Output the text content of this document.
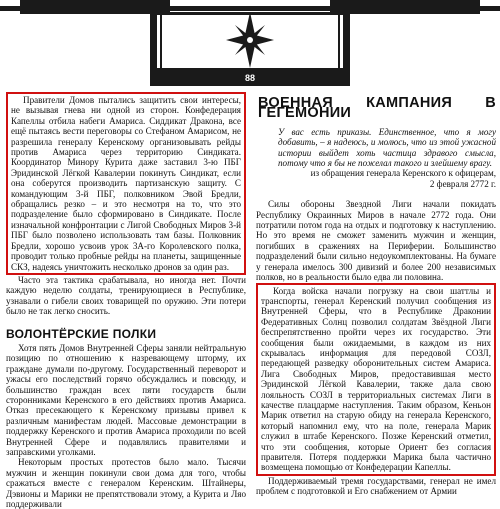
88

Правители Домов пытались защитить свои интересы, не вызывая гнева ни одной из сторон. Конфедерация Капеллы отбила набеги Амариса. Сиддикат Дракона, все ещё пытаясь вести переговоры со Стефаном Амарисом, не разрешила генералу Керенскому организовывать рейды против Амариса через территорию Синдиката. Координатор Минору Курита даже заставил 3-ю ПБГ Эридинской Лёгкой Кавалерии покинуть Синдикат, если она соберутся производить партизанскую защиту. С командующим 3-й ПБГ, полковником Эвой Бредли, обращались резко – и это несмотря на то, что это подразделение было сформировано в Синдикате. После изначальной конфронтации с Лигой Свободных Миров 3-й ПБГ было позволено использовать там базы. Полковник Бредли, хорошо усвоив урок 3А-го Королевского полка, проводит только пробные рейды на планеты, защищенные СКЗ, надеясь уничтожить несколько дронов за один раз.

Часто эта тактика срабатывала, но иногда нет. Почти каждую неделю солдаты, тренирующиеся в Республике, узнавали о гибели своих товарищей по оружию. Эти потери было не так легко сносить.

ВОЛОНТЁРСКИЕ ПОЛКИ

Хотя пять Домов Внутренней Сферы заняли нейтральную позицию по отношению к назревающему шторму, их граждане думали по-другому. Государственный переворот и ужасы его последствий горячо обсуждались и повсюду, и большинство граждан всех пяти государств были сторонниками Керенского в его действиях против Амариса. Отказ пресекающего к Керенскому призывы привел к различным манифестам людей. Массовые демонстрации в поддержку Керенского и против Амариса проходили по всей Внутренней Сфере и подавлялись правителями и заправскими уголками.

Некоторым простых протестов было мало. Тысячи мужчин и женщин покинули свои дома для того, чтобы сражаться вместе с генералом Керенским. Штайнеры, Дэвионы и Марики не препятствовали этому, а Курита и Ляо поддерживали

ВОЕННАЯ КАМПАНИЯ В ГЕГЕМОНИИ

У вас есть приказы. Единственное, что я могу добавить, – я надеюсь, и молюсь, что из этой ужасной истории выйдет хоть частица здравого смысла, потому что я бы не пожелал такого и злейшему врагу.

из обращения генерала Керенского к офицерам,

2 февраля 2772 г.

Силы обороны Звездной Лиги начали покидать Республику Окраинных Миров в начале 2772 года. Они потратили потом года на отдых и подготовку к наступлению. Но это время не сможет заменить мужчин и женщин, погибших в сражениях на Периферии. Большинство подразделений были сильно недоукомплектованы. На бумаге у генерала имелось 300 дивизий и более 200 независимых полков, но в реальности было едва ли половина.

Когда войска начали погрузку на свои шаттлы и транспорты, генерал Керенский получил сообщения из Внутренней Сферы, что в Республике Драконии Федеративных Солнц позволил солдатам Звёздной Лиги беспрепятственно пройти через их государство. Эти сообщения были ожидаемыми, в каждом из них скрывалась информация для передовой СОЗЛ, передающей разведку оборонительных систем Амариса. Лига Свободных Миров, предоставившая место Эридинской Лёгкой Кавалерии, также дала свою лояльность СОЗЛ в территориальных системах Лиги в качестве плацдарме наступления. Таким образом, Кеньон Марик ответил на старую обиду на генерала Керенского, который напомнил ему, что на поле, генерала Марик служил в штабе Керенского. Позже Керенский отметил, что эти сообщения, которые Ориент без согласия правителя. Потеря поддержки Марика была частично возмещена помощью от Конфедерации Капеллы.

Поддерживаемый тремя государствами, генерал не имел проблем с подготовкой и Его снабжением от Армии
